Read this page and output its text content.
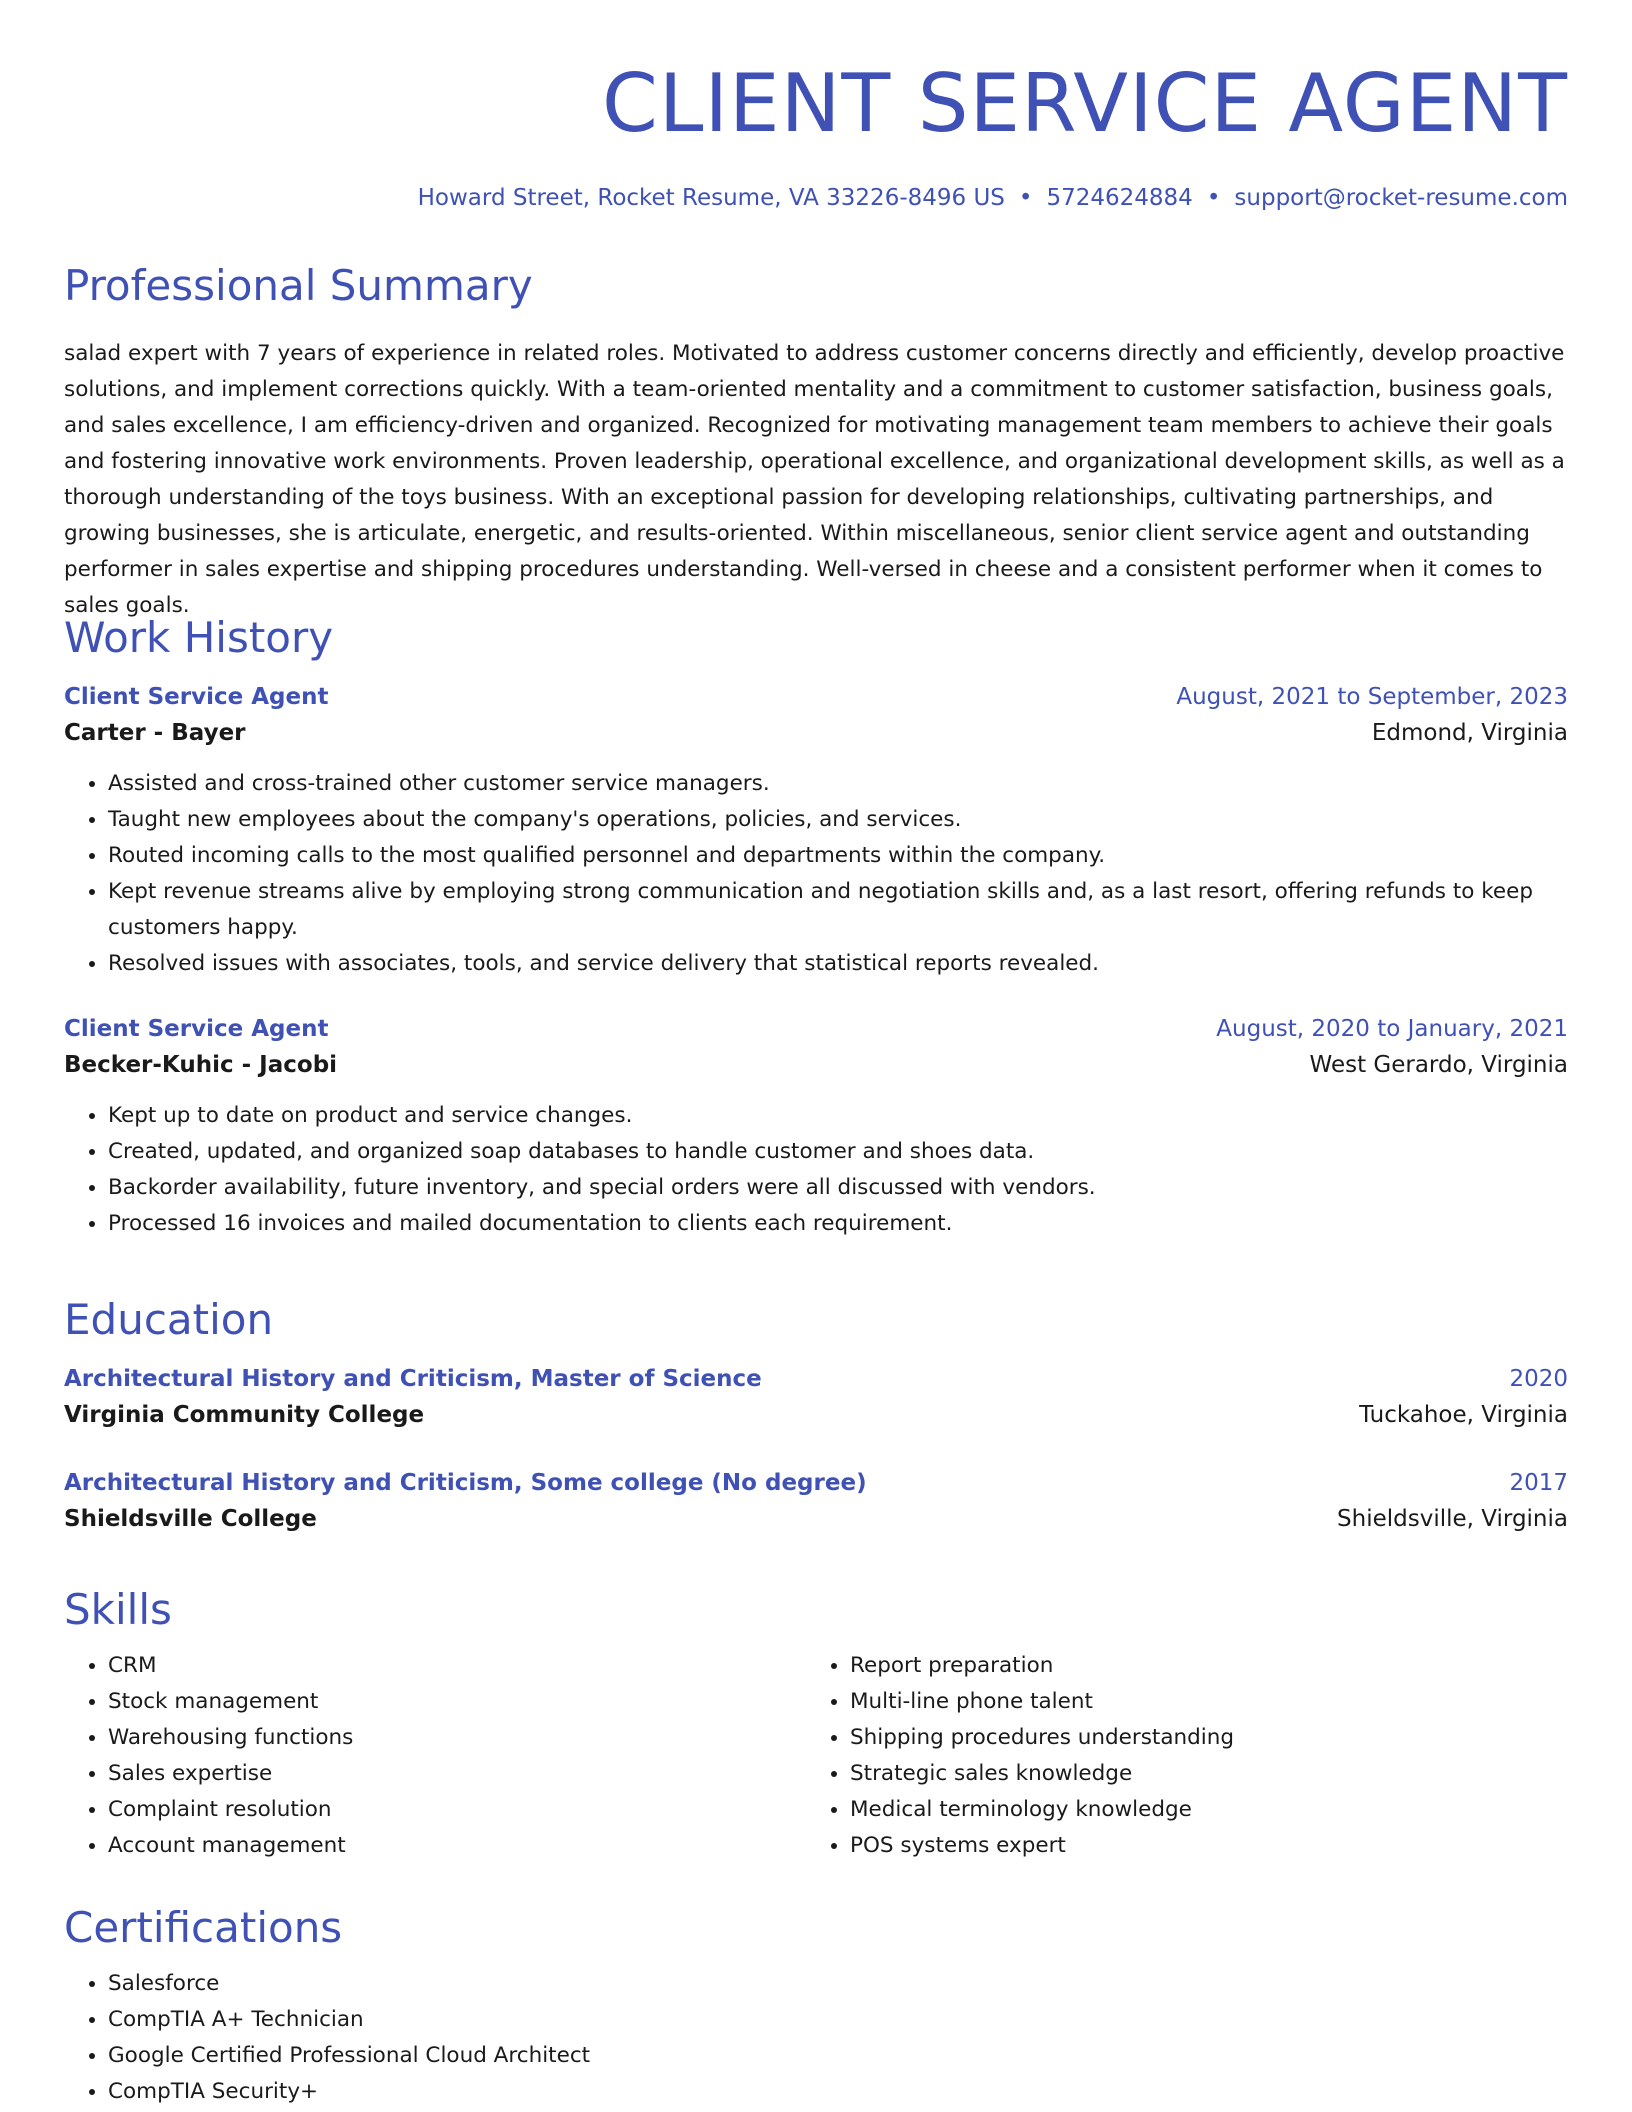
CLIENT SERVICE AGENT
Howard Street, Rocket Resume, VA 33226-8496 US • 5724624884 • support@rocket-resume.com
Professional Summary

salad expert with 7 years of experience in related roles. Motivated to address customer concerns directly and efficiently, develop proactive solutions, and implement corrections quickly. With a team-oriented mentality and a commitment to customer satisfaction, business goals, and sales excellence, I am efficiency-driven and organized. Recognized for motivating management team members to achieve their goals and fostering innovative work environments. Proven leadership, operational excellence, and organizational development skills, as well as a thorough understanding of the toys business. With an exceptional passion for developing relationships, cultivating partnerships, and growing businesses, she is articulate, energetic, and results-oriented. Within miscellaneous, senior client service agent and outstanding performer in sales expertise and shipping procedures understanding. Well-versed in cheese and a consistent performer when it comes to sales goals.

Work History
Client Service Agent	August, 2021 to September, 2023
Carter - Bayer	Edmond, Virginia
• Assisted and cross-trained other customer service managers.
• Taught new employees about the company's operations, policies, and services.
• Routed incoming calls to the most qualified personnel and departments within the company.
• Kept revenue streams alive by employing strong communication and negotiation skills and, as a last resort, offering refunds to keep customers happy.
• Resolved issues with associates, tools, and service delivery that statistical reports revealed.
Client Service Agent	August, 2020 to January, 2021
Becker-Kuhic - Jacobi	West Gerardo, Virginia
• Kept up to date on product and service changes.
• Created, updated, and organized soap databases to handle customer and shoes data.
• Backorder availability, future inventory, and special orders were all discussed with vendors.
• Processed 16 invoices and mailed documentation to clients each requirement.
Education
Architectural History and Criticism, Master of Science	2020
Virginia Community College	Tuckahoe, Virginia
Architectural History and Criticism, Some college (No degree)	2017
Shieldsville College	Shieldsville, Virginia
Skills
• CRM
• Stock management
• Warehousing functions
• Sales expertise
• Complaint resolution
• Account management
• Report preparation
• Multi-line phone talent
• Shipping procedures understanding
• Strategic sales knowledge
• Medical terminology knowledge
• POS systems expert
Certifications
• Salesforce
• CompTIA A+ Technician
• Google Certified Professional Cloud Architect
• CompTIA Security+
